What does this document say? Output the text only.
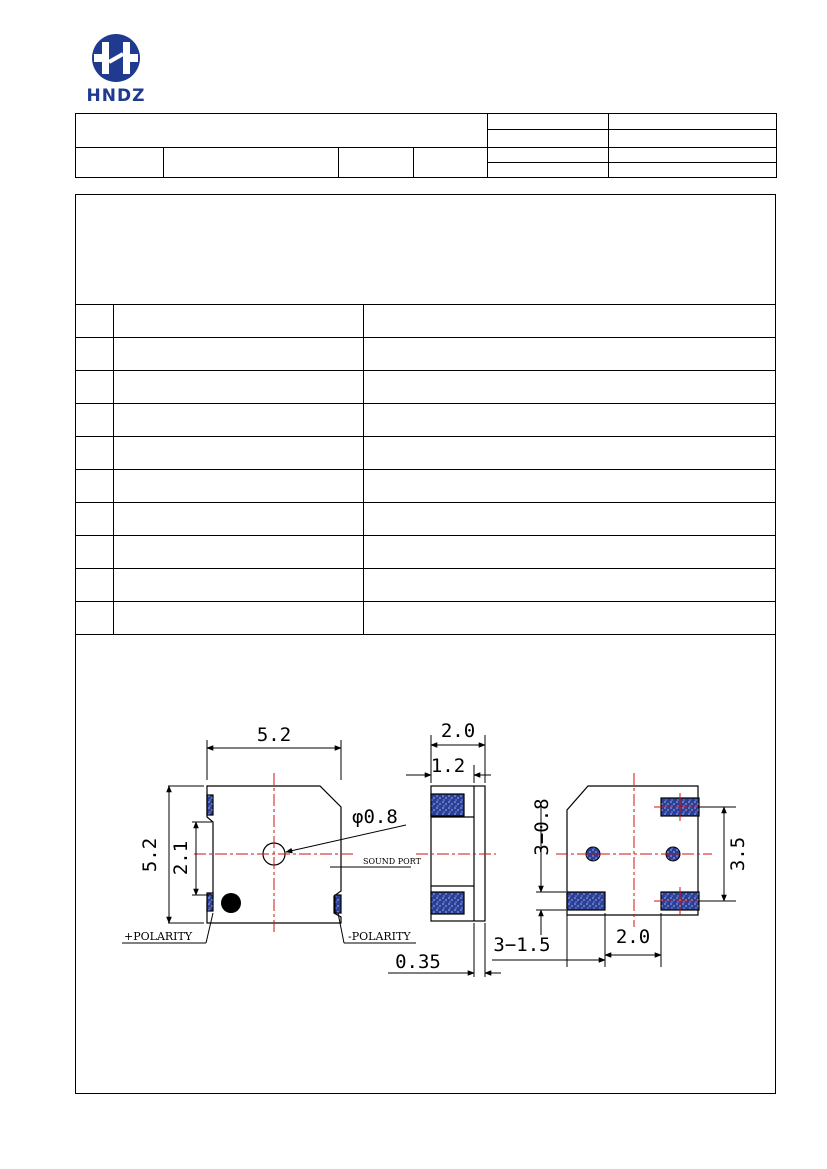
HNDZ

5.2
5.2 2.1
φ0.8
SOUND PORT
+POLARITY	-POLARITY
2.0
1.2
0.35
3−0.8	3.5
3−1.5	2.0
